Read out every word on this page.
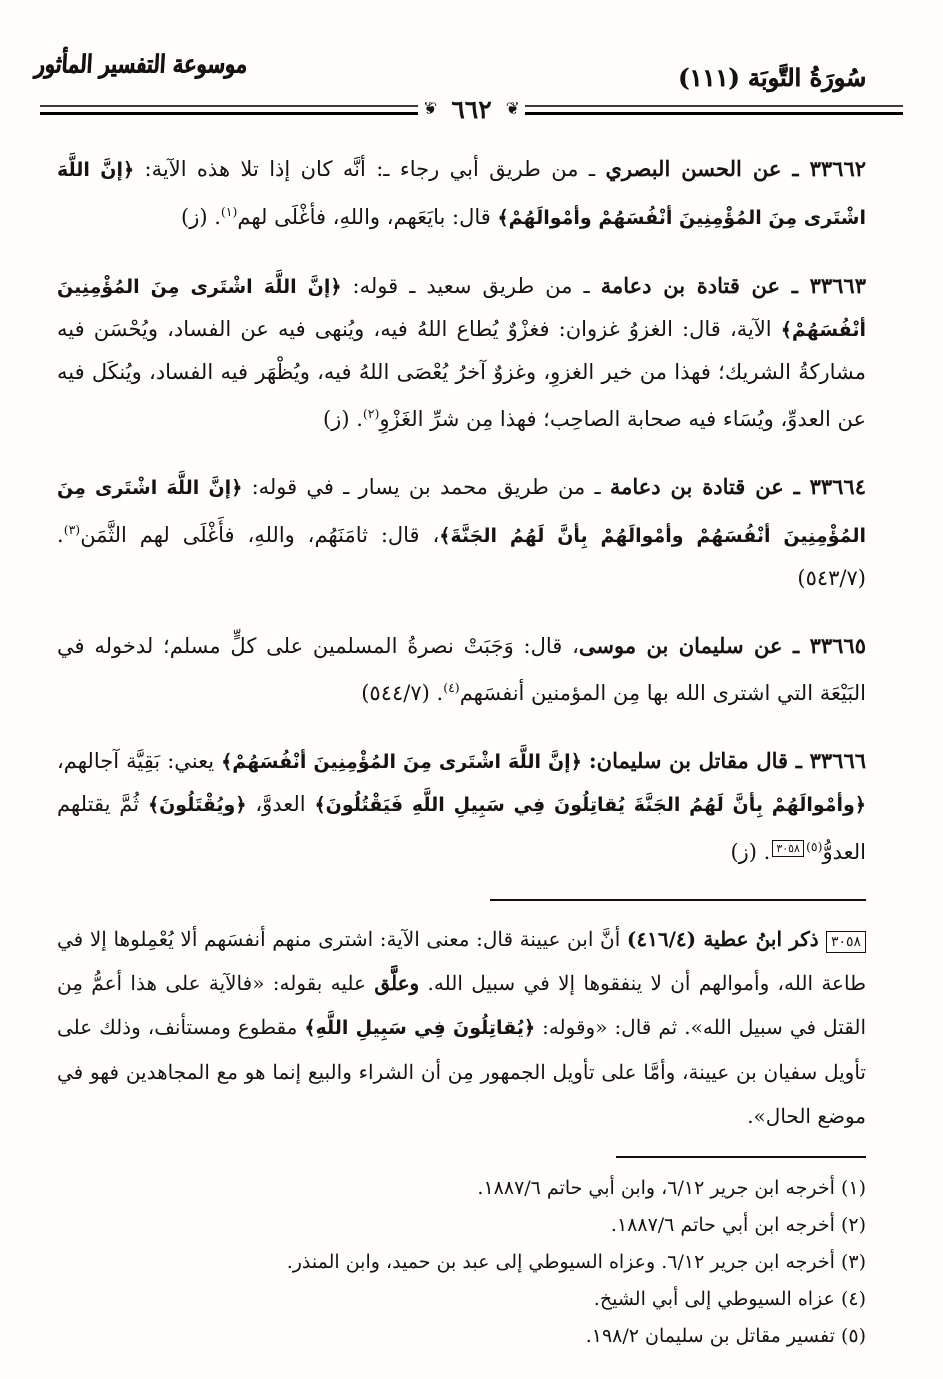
موسوعة التفسير المأثور	سُورَةُ التَّوبَة (١١١)
❦
٦٦٢
❦

٣٣٦٦٢ ـ عن الحسن البصري ـ من طريق أبي رجاء ـ: أنَّه كان إذا تلا هذه الآية: ﴿إنَّ اللَّهَ اشْتَرى مِنَ المُؤْمِنِينَ أنْفُسَهُمْ وأمْوالَهُمْ﴾ قال: بايَعَهم، واللهِ، فأغْلَى لهم$^{(١)}$. (ز)

٣٣٦٦٣ ـ عن قتادة بن دعامة ـ من طريق سعيد ـ قوله: ﴿إنَّ اللَّهَ اشْتَرى مِنَ المُؤْمِنِينَ أنْفُسَهُمْ﴾ الآية، قال: الغزوُ غزوان: فغزْوٌ يُطاع اللهُ فيه، ويُنهى فيه عن الفساد، ويُحْسَن فيه مشاركةُ الشريك؛ فهذا من خير الغزوِ، وغزوٌ آخرُ يُعْصَى اللهُ فيه، ويُظْهَر فيه الفساد، ويُنكَل فيه عن العدوِّ، ويُسَاء فيه صحابة الصاحِب؛ فهذا مِن شرِّ الغَزْوِ$^{(٢)}$. (ز)

٣٣٦٦٤ ـ عن قتادة بن دعامة ـ من طريق محمد بن يسار ـ في قوله: ﴿إنَّ اللَّهَ اشْتَرى مِنَ المُؤْمِنِينَ أنْفُسَهُمْ وأمْوالَهُمْ بِأنَّ لَهُمُ الجَنَّةَ﴾، قال: ثامَنَهُم، واللهِ، فأَغْلَى لهم الثَّمَن$^{(٣)}$. (٥٤٣/٧)

٣٣٦٦٥ ـ عن سليمان بن موسى، قال: وَجَبَتْ نصرةُ المسلمين على كلٍّ مسلم؛ لدخوله في البَيْعَة التي اشترى الله بها مِن المؤمنين أنفسَهم$^{(٤)}$. (٥٤٤/٧)

٣٣٦٦٦ ـ قال مقاتل بن سليمان: ﴿إنَّ اللَّهَ اشْتَرى مِنَ المُؤْمِنِينَ أنْفُسَهُمْ﴾ يعني: بَقِيَّة آجالهم، ﴿وأمْوالَهُمْ بِأنَّ لَهُمُ الجَنَّةَ يُقاتِلُونَ فِي سَبِيلِ اللَّهِ فَيَقْتُلُونَ﴾ العدوَّ، ﴿ويُقْتَلُونَ﴾ ثُمَّ يقتلهم العدوُّ$^{(٥)}$٣٠٥٨. (ز)

٣٠٥٨ ذكر ابنُ عطية (٤١٦/٤) أنَّ ابن عيينة قال: معنى الآية: اشترى منهم أنفسَهم ألا يُعْمِلوها إلا في طاعة الله، وأموالهم أن لا ينفقوها إلا في سبيل الله. وعلَّق عليه بقوله: «فالآية على هذا أعمُّ مِن القتل في سبيل الله». ثم قال: «وقوله: ﴿يُقاتِلُونَ فِي سَبِيلِ اللَّهِ﴾ مقطوع ومستأنف، وذلك على تأويل سفيان بن عيينة، وأمَّا على تأويل الجمهور مِن أن الشراء والبيع إنما هو مع المجاهدين فهو في موضع الحال».

(١) أخرجه ابن جرير ٦/١٢، وابن أبي حاتم ١٨٨٧/٦.
(٢) أخرجه ابن أبي حاتم ١٨٨٧/٦.
(٣) أخرجه ابن جرير ٦/١٢. وعزاه السيوطي إلى عبد بن حميد، وابن المنذر.
(٤) عزاه السيوطي إلى أبي الشيخ.
(٥) تفسير مقاتل بن سليمان ١٩٨/٢.
